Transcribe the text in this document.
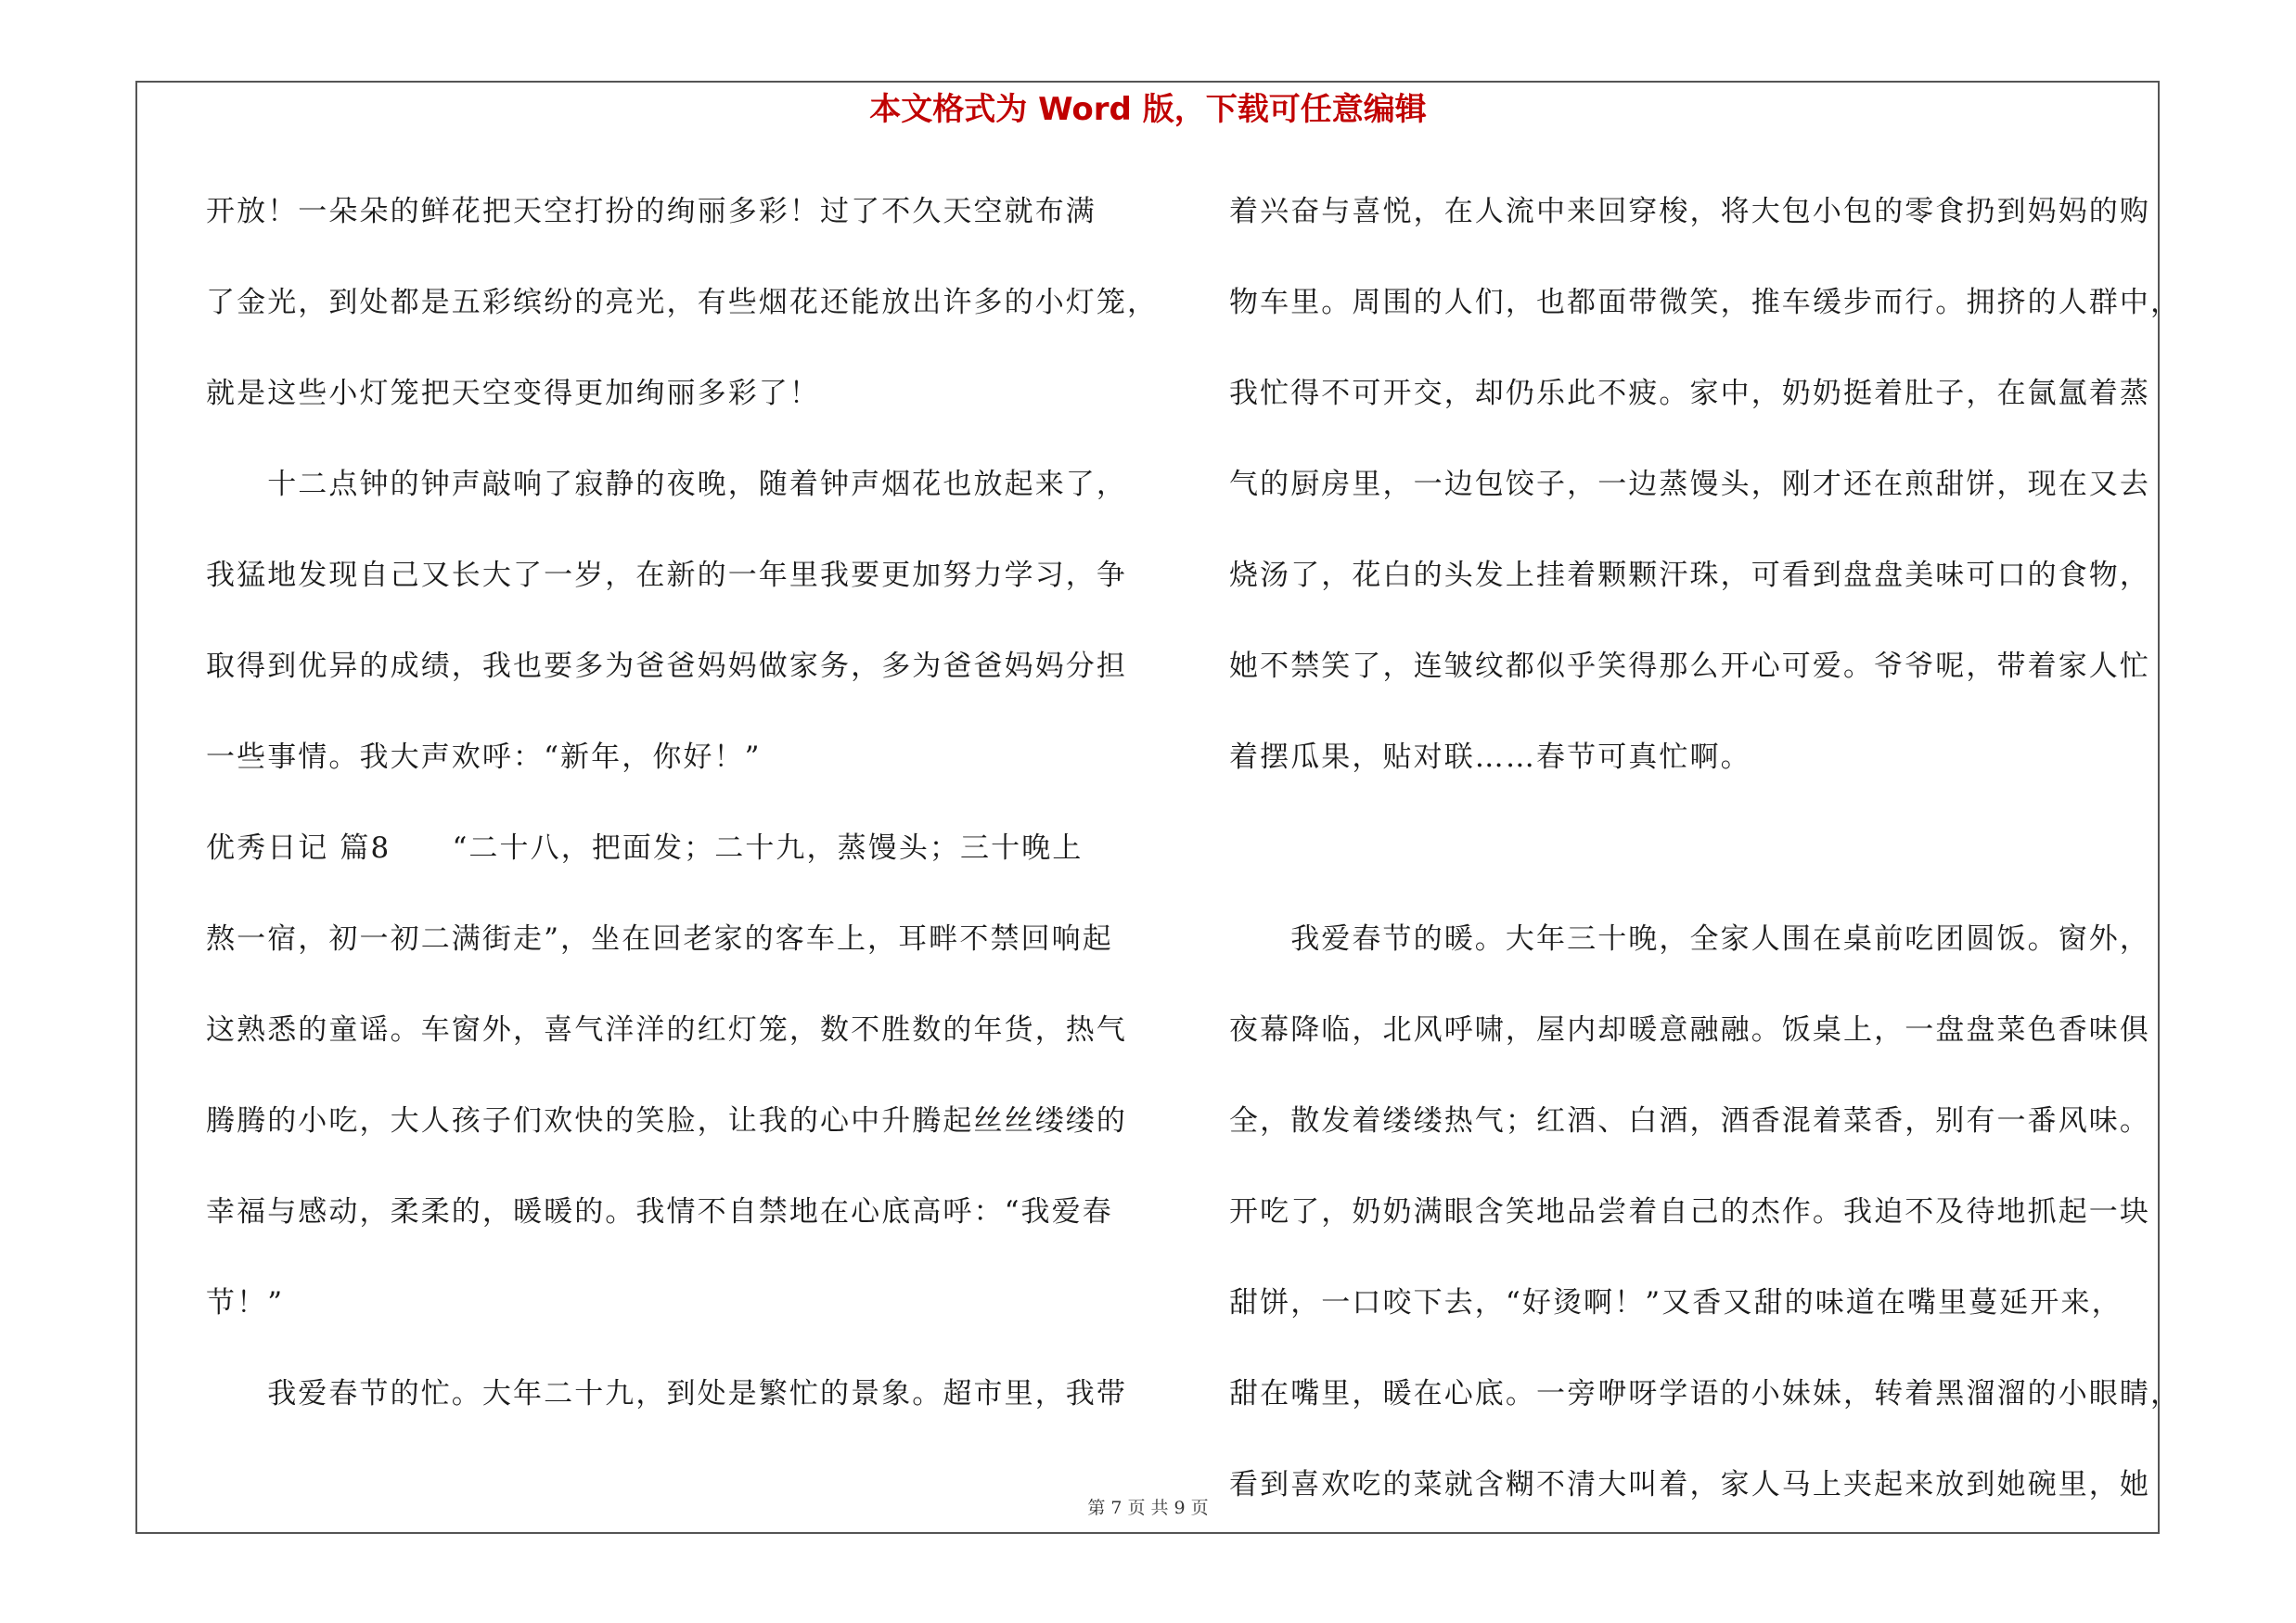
本文格式为 Word 版，下载可任意编辑
开放！一朵朵的鲜花把天空打扮的绚丽多彩！过了不久天空就布满
了金光，到处都是五彩缤纷的亮光，有些烟花还能放出许多的小灯笼，
就是这些小灯笼把天空变得更加绚丽多彩了！
　　十二点钟的钟声敲响了寂静的夜晚，随着钟声烟花也放起来了，
我猛地发现自己又长大了一岁，在新的一年里我要更加努力学习，争
取得到优异的成绩，我也要多为爸爸妈妈做家务，多为爸爸妈妈分担
一些事情。我大声欢呼：“新年，你好！”
优秀日记 篇8　　“二十八，把面发；二十九，蒸馒头；三十晚上
熬一宿，初一初二满街走”，坐在回老家的客车上，耳畔不禁回响起
这熟悉的童谣。车窗外，喜气洋洋的红灯笼，数不胜数的年货，热气
腾腾的小吃，大人孩子们欢快的笑脸，让我的心中升腾起丝丝缕缕的
幸福与感动，柔柔的，暖暖的。我情不自禁地在心底高呼：“我爱春
节！”
　　我爱春节的忙。大年二十九，到处是繁忙的景象。超市里，我带
着兴奋与喜悦，在人流中来回穿梭，将大包小包的零食扔到妈妈的购
物车里。周围的人们，也都面带微笑，推车缓步而行。拥挤的人群中，
我忙得不可开交，却仍乐此不疲。家中，奶奶挺着肚子，在氤氲着蒸
气的厨房里，一边包饺子，一边蒸馒头，刚才还在煎甜饼，现在又去
烧汤了，花白的头发上挂着颗颗汗珠，可看到盘盘美味可口的食物，
她不禁笑了，连皱纹都似乎笑得那么开心可爱。爷爷呢，带着家人忙
着摆瓜果，贴对联……春节可真忙啊。
　　我爱春节的暖。大年三十晚，全家人围在桌前吃团圆饭。窗外，
夜幕降临，北风呼啸，屋内却暖意融融。饭桌上，一盘盘菜色香味俱
全，散发着缕缕热气；红酒、白酒，酒香混着菜香，别有一番风味。
开吃了，奶奶满眼含笑地品尝着自己的杰作。我迫不及待地抓起一块
甜饼，一口咬下去，“好烫啊！”又香又甜的味道在嘴里蔓延开来，
甜在嘴里，暖在心底。一旁咿呀学语的小妹妹，转着黑溜溜的小眼睛，
看到喜欢吃的菜就含糊不清大叫着，家人马上夹起来放到她碗里，她
第 7 页 共 9 页
